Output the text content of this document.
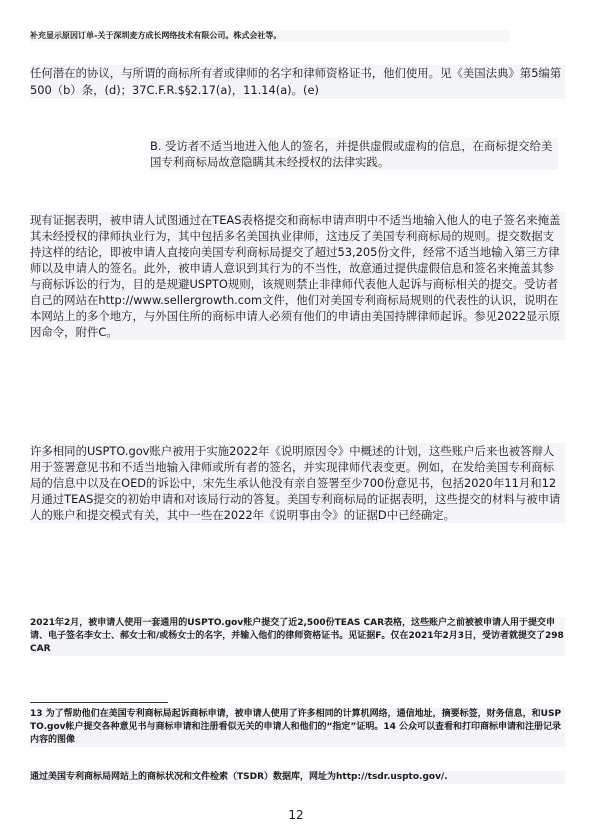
补充显示原因订单-关于深圳麦方成长网络技术有限公司。株式会社等。

任何潜在的协议，与所谓的商标所有者或律师的名字和律师资格证书，他们使用。见《美国法典》第5编第500（b）条，(d)；37C.F.R.$§2.17(a)，11.14(a)。(e)

B. 受访者不适当地进入他人的签名，并提供虚假或虚构的信息，在商标提交给美国专利商标局故意隐瞒其未经授权的法律实践。

现有证据表明，被申请人试图通过在TEAS表格提交和商标申请声明中不适当地输入他人的电子签名来掩盖其未经授权的律师执业行为，其中包括多名美国执业律师，这违反了美国专利商标局的规则。提交数据支持这样的结论，即被申请人直接向美国专利商标局提交了超过53,205份文件，经常不适当地输入第三方律师以及申请人的签名。此外，被申请人意识到其行为的不当性，故意通过提供虚假信息和签名来掩盖其参与商标诉讼的行为，目的是规避USPTO规则，该规则禁止非律师代表他人起诉与商标相关的提交。受访者自己的网站在http://www.sellergrowth.com文件，他们对美国专利商标局规则的代表性的认识，说明在本网站上的多个地方，与外国住所的商标申请人必须有他们的申请由美国持牌律师起诉。参见2022显示原因命令，附件C。

许多相同的USPTO.gov账户被用于实施2022年《说明原因令》中概述的计划，这些账户后来也被答辩人用于签署意见书和不适当地输入律师或所有者的签名，并实现律师代表变更。例如，在发给美国专利商标局的信息中以及在OED的诉讼中，宋先生承认他没有亲自签署至少700份意见书，包括2020年11月和12月通过TEAS提交的初始申请和对该局行动的答复。美国专利商标局的证据表明，这些提交的材料与被申请人的账户和提交模式有关，其中一些在2022年《说明事由令》的证据D中已经确定。

2021年2月，被申请人使用一套通用的USPTO.gov账户提交了近2,500份TEAS CAR表格，这些账户之前被被申请人用于提交申请、电子签名李女士、郝女士和/或杨女士的名字，并输入他们的律师资格证书。见证据F。仅在2021年2月3日，受访者就提交了298 CAR

13 为了帮助他们在美国专利商标局起诉商标申请，被申请人使用了许多相同的计算机网络，通信地址，摘要标签，财务信息，和USPTO.gov帐户提交各种意见书与商标申请和注册看似无关的申请人和他们的“指定”证明。14 公众可以查看和打印商标申请和注册记录内容的图像

通过美国专利商标局网站上的商标状况和文件检索（TSDR）数据库，网址为http://tsdr.uspto.gov/.

12
